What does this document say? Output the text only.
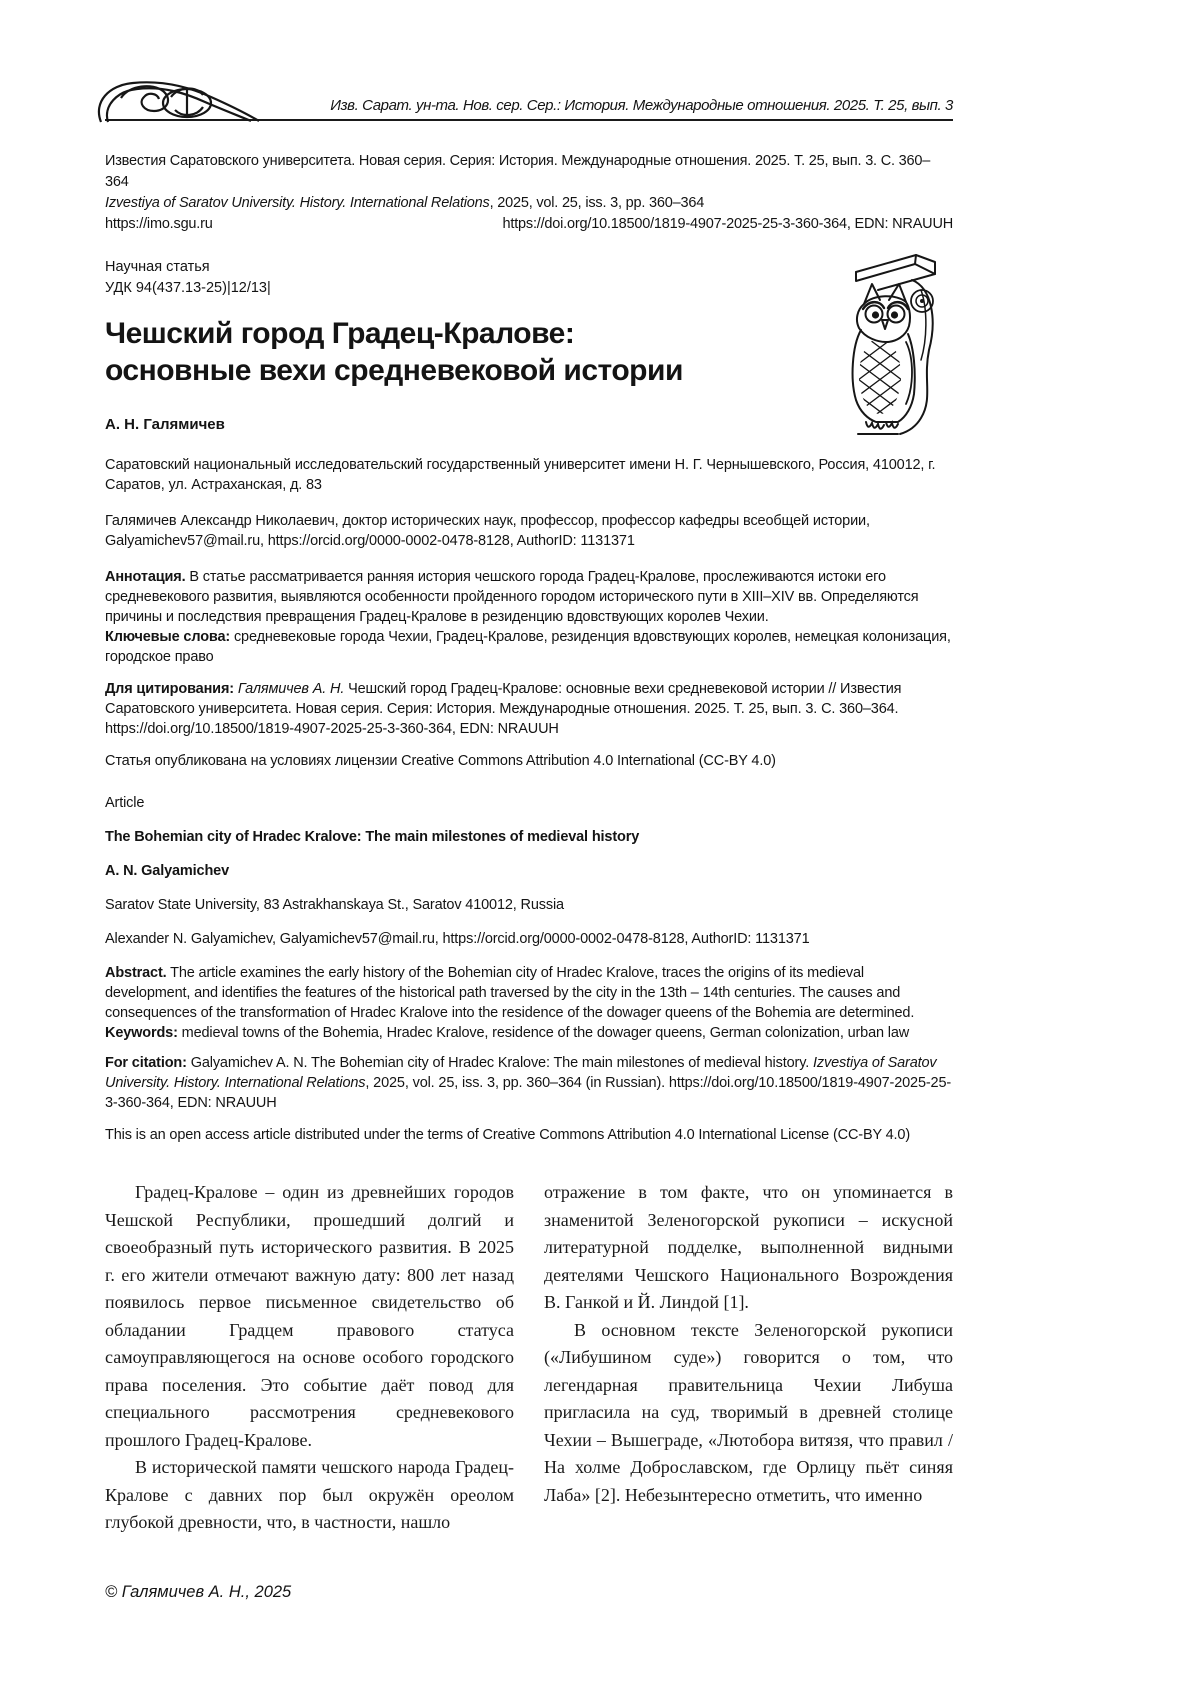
Изв. Сарат. ун-та. Нов. сер. Сер.: История. Международные отношения. 2025. Т. 25, вып. 3
Известия Саратовского университета. Новая серия. Серия: История. Международные отношения. 2025. Т. 25, вып. 3. С. 360–364
Izvestiya of Saratov University. History. International Relations, 2025, vol. 25, iss. 3, pp. 360–364
https://imo.sgu.ru	https://doi.org/10.18500/1819-4907-2025-25-3-360-364, EDN: NRAUUH
Научная статья
УДК 94(437.13-25)|12/13|
Чешский город Градец-Кралове:
основные вехи средневековой истории
А. Н. Галямичев
Саратовский национальный исследовательский государственный университет имени Н. Г. Чернышевского, Россия, 410012, г. Саратов, ул. Астраханская, д. 83
Галямичев Александр Николаевич, доктор исторических наук, профессор, профессор кафедры всеобщей истории, Galyamichev57@mail.ru, https://orcid.org/0000-0002-0478-8128, AuthorID: 1131371
Аннотация. В статье рассматривается ранняя история чешского города Градец-Кралове, прослеживаются истоки его средневекового развития, выявляются особенности пройденного городом исторического пути в XIII–XIV вв. Определяются причины и последствия превращения Градец-Кралове в резиденцию вдовствующих королев Чехии.
Ключевые слова: средневековые города Чехии, Градец-Кралове, резиденция вдовствующих королев, немецкая колонизация, городское право
Для цитирования: Галямичев А. Н. Чешский город Градец-Кралове: основные вехи средневековой истории // Известия Саратовского университета. Новая серия. Серия: История. Международные отношения. 2025. Т. 25, вып. 3. С. 360–364. https://doi.org/10.18500/1819-4907-2025-25-3-360-364, EDN: NRAUUH
Статья опубликована на условиях лицензии Creative Commons Attribution 4.0 International (CC-BY 4.0)
Article
The Bohemian city of Hradec Kralove: The main milestones of medieval history
A. N. Galyamichev
Saratov State University, 83 Astrakhanskaya St., Saratov 410012, Russia
Alexander N. Galyamichev, Galyamichev57@mail.ru, https://orcid.org/0000-0002-0478-8128, AuthorID: 1131371
Abstract. The article examines the early history of the Bohemian city of Hradec Kralove, traces the origins of its medieval development, and identifies the features of the historical path traversed by the city in the 13th – 14th centuries. The causes and consequences of the transformation of Hradec Kralove into the residence of the dowager queens of the Bohemia are determined.
Keywords: medieval towns of the Bohemia, Hradec Kralove, residence of the dowager queens, German colonization, urban law
For citation: Galyamichev A. N. The Bohemian city of Hradec Kralove: The main milestones of medieval history. Izvestiya of Saratov University. History. International Relations, 2025, vol. 25, iss. 3, pp. 360–364 (in Russian). https://doi.org/10.18500/1819-4907-2025-25-3-360-364, EDN: NRAUUH
This is an open access article distributed under the terms of Creative Commons Attribution 4.0 International License (CC-BY 4.0)

Градец-Кралове – один из древнейших городов Чешской Республики, прошедший долгий и своеобразный путь исторического развития. В 2025 г. его жители отмечают важную дату: 800 лет назад появилось первое письменное свидетельство об обладании Градцем правового статуса самоуправляющегося на основе особого городского права поселения. Это событие даёт повод для специального рассмотрения средневекового прошлого Градец-Кралове.

В исторической памяти чешского народа Градец-Кралове с давних пор был окружён ореолом глубокой древности, что, в частности, нашло

отражение в том факте, что он упоминается в знаменитой Зеленогорской рукописи – искусной литературной подделке, выполненной видными деятелями Чешского Национального Возрождения В. Ганкой и Й. Линдой [1].

В основном тексте Зеленогорской рукописи («Либушином суде») говорится о том, что легендарная правительница Чехии Либуша пригласила на суд, творимый в древней столице Чехии – Вышеграде, «Лютобора витязя, что правил / На холме Доброславском, где Орлицу пьёт синяя Лаба» [2]. Небезынтересно отметить, что именно

© Галямичев А. Н., 2025
